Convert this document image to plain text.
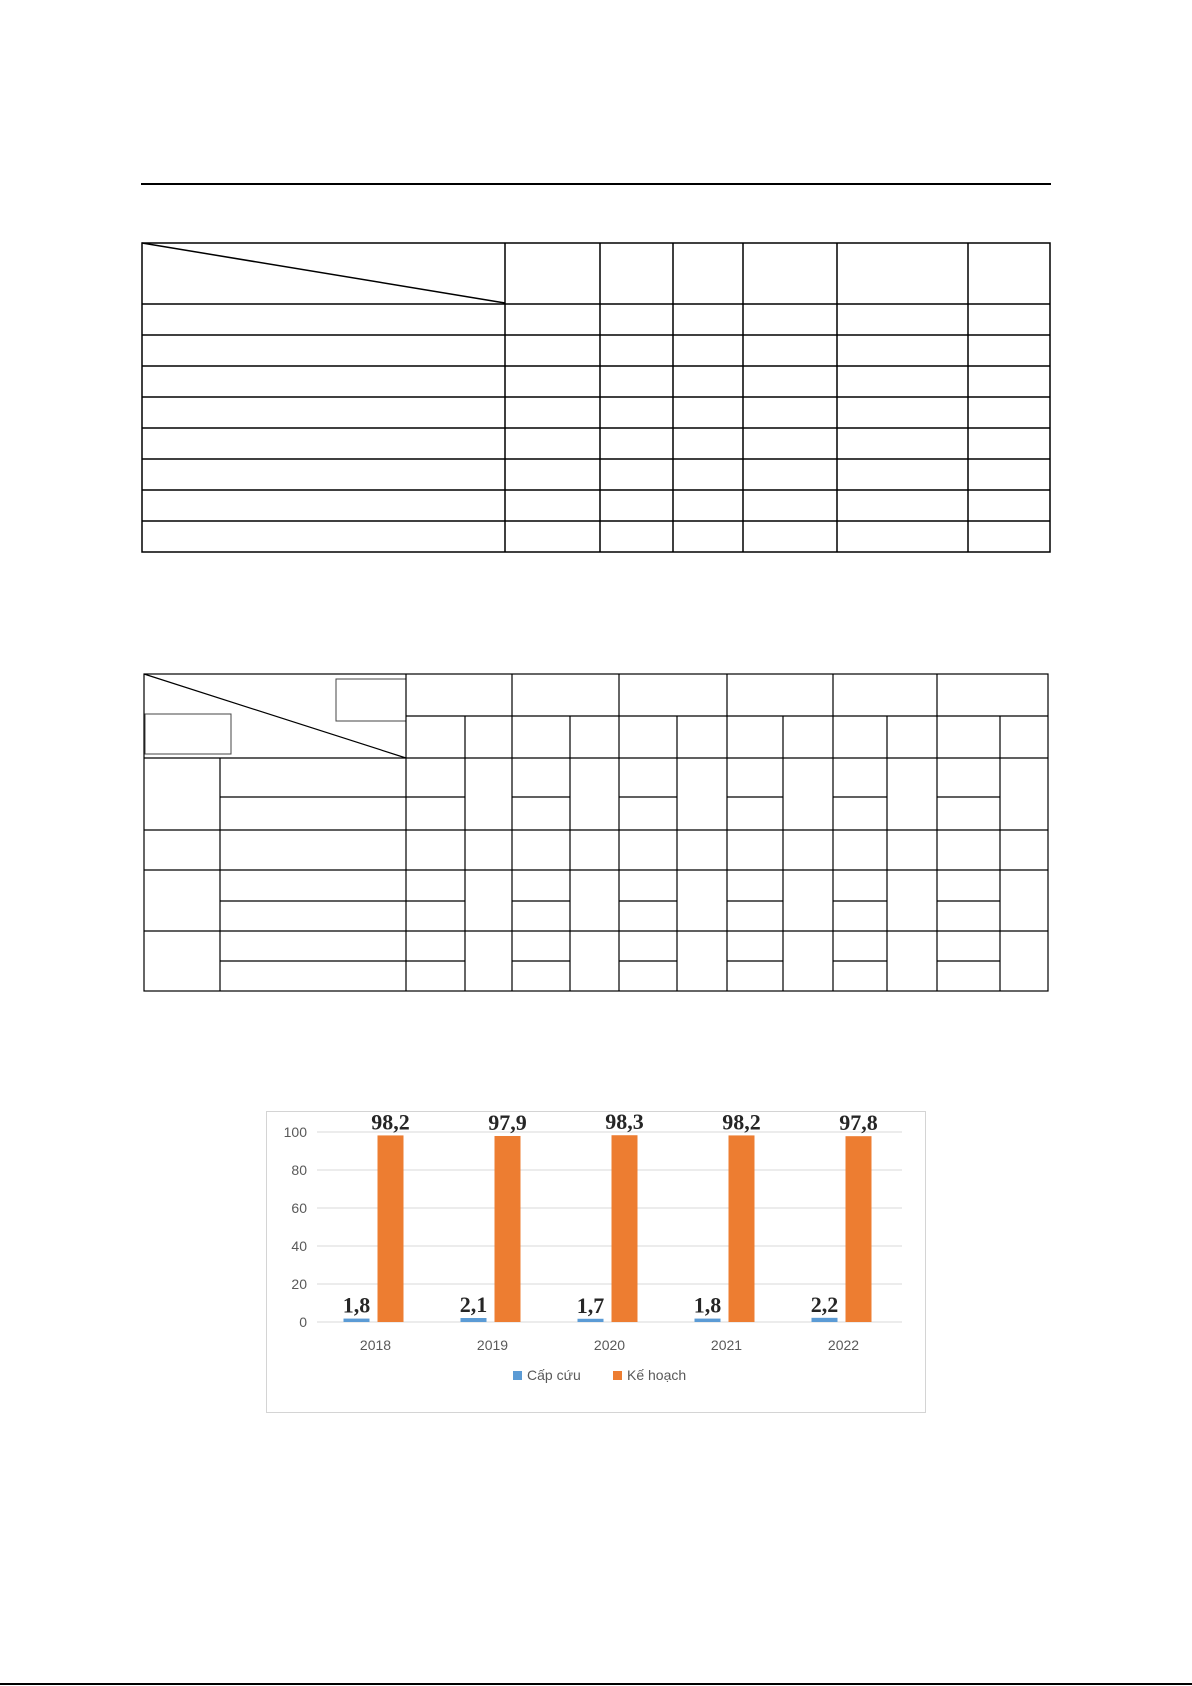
0
20
40
60
80
100
1,8
98,2
2018
2,1
97,9
2019
1,7
98,3
2020
1,8
98,2
2021
2,2
97,8
2022
Cấp cứu	Kế hoạch
